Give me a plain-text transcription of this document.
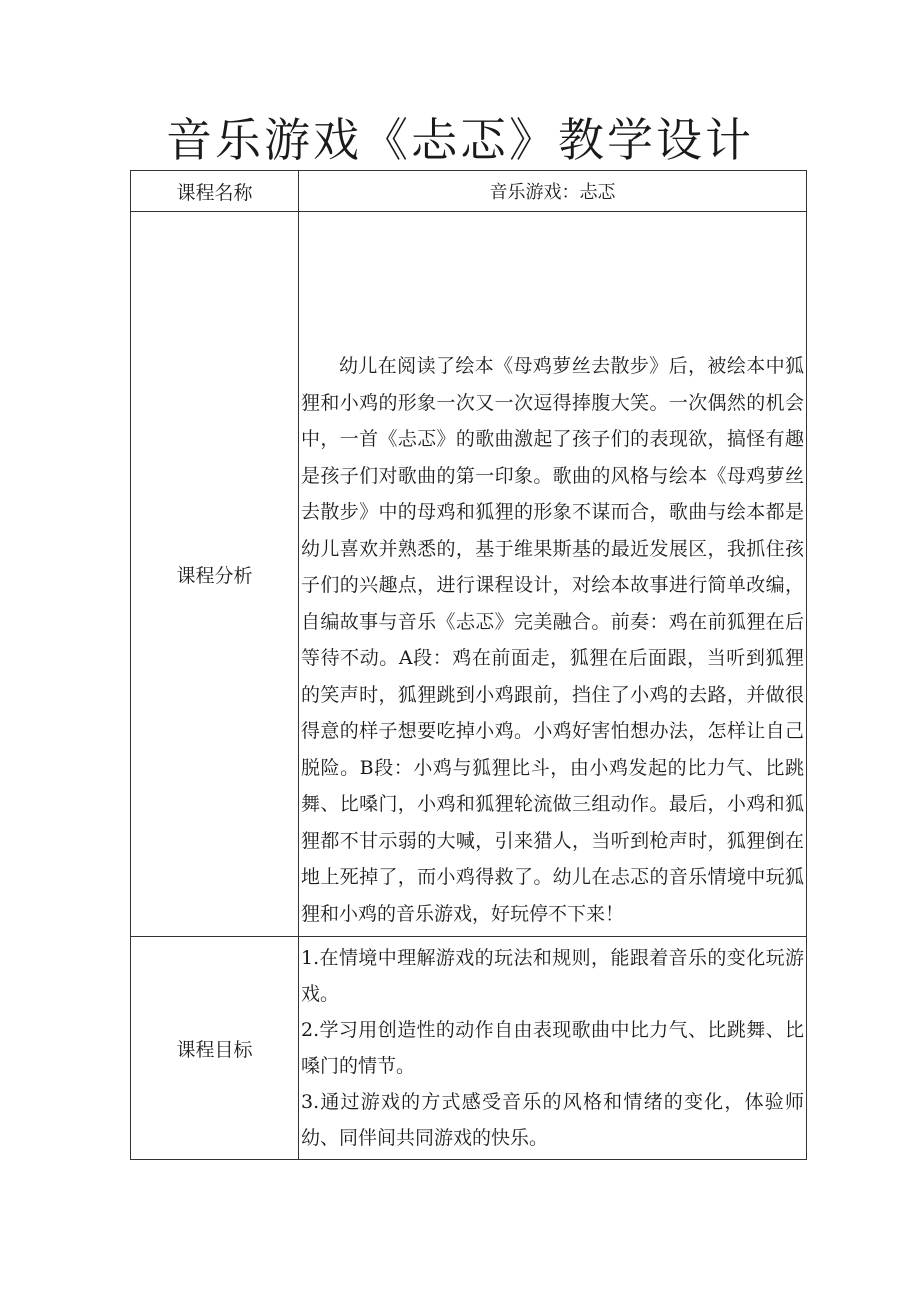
音乐游戏《忐忑》教学设计
课程名称	音乐游戏：忐忑
课程分析	幼儿在阅读了绘本《母鸡萝丝去散步》后，被绘本中狐狸和小鸡的形象一次又一次逗得捧腹大笑。一次偶然的机会中，一首《忐忑》的歌曲激起了孩子们的表现欲，搞怪有趣是孩子们对歌曲的第一印象。歌曲的风格与绘本《母鸡萝丝去散步》中的母鸡和狐狸的形象不谋而合，歌曲与绘本都是幼儿喜欢并熟悉的，基于维果斯基的最近发展区，我抓住孩子们的兴趣点，进行课程设计，对绘本故事进行简单改编，自编故事与音乐《忐忑》完美融合。前奏：鸡在前狐狸在后等待不动。A段：鸡在前面走，狐狸在后面跟，当听到狐狸的笑声时，狐狸跳到小鸡跟前，挡住了小鸡的去路，并做很得意的样子想要吃掉小鸡。小鸡好害怕想办法，怎样让自己脱险。B段：小鸡与狐狸比斗，由小鸡发起的比力气、比跳舞、比嗓门，小鸡和狐狸轮流做三组动作。最后，小鸡和狐狸都不甘示弱的大喊，引来猎人，当听到枪声时，狐狸倒在地上死掉了，而小鸡得救了。幼儿在忐忑的音乐情境中玩狐狸和小鸡的音乐游戏，好玩停不下来！

课程目标	1.在情境中理解游戏的玩法和规则，能跟着音乐的变化玩游戏。
2.学习用创造性的动作自由表现歌曲中比力气、比跳舞、比嗓门的情节。
3.通过游戏的方式感受音乐的风格和情绪的变化，体验师幼、同伴间共同游戏的快乐。
